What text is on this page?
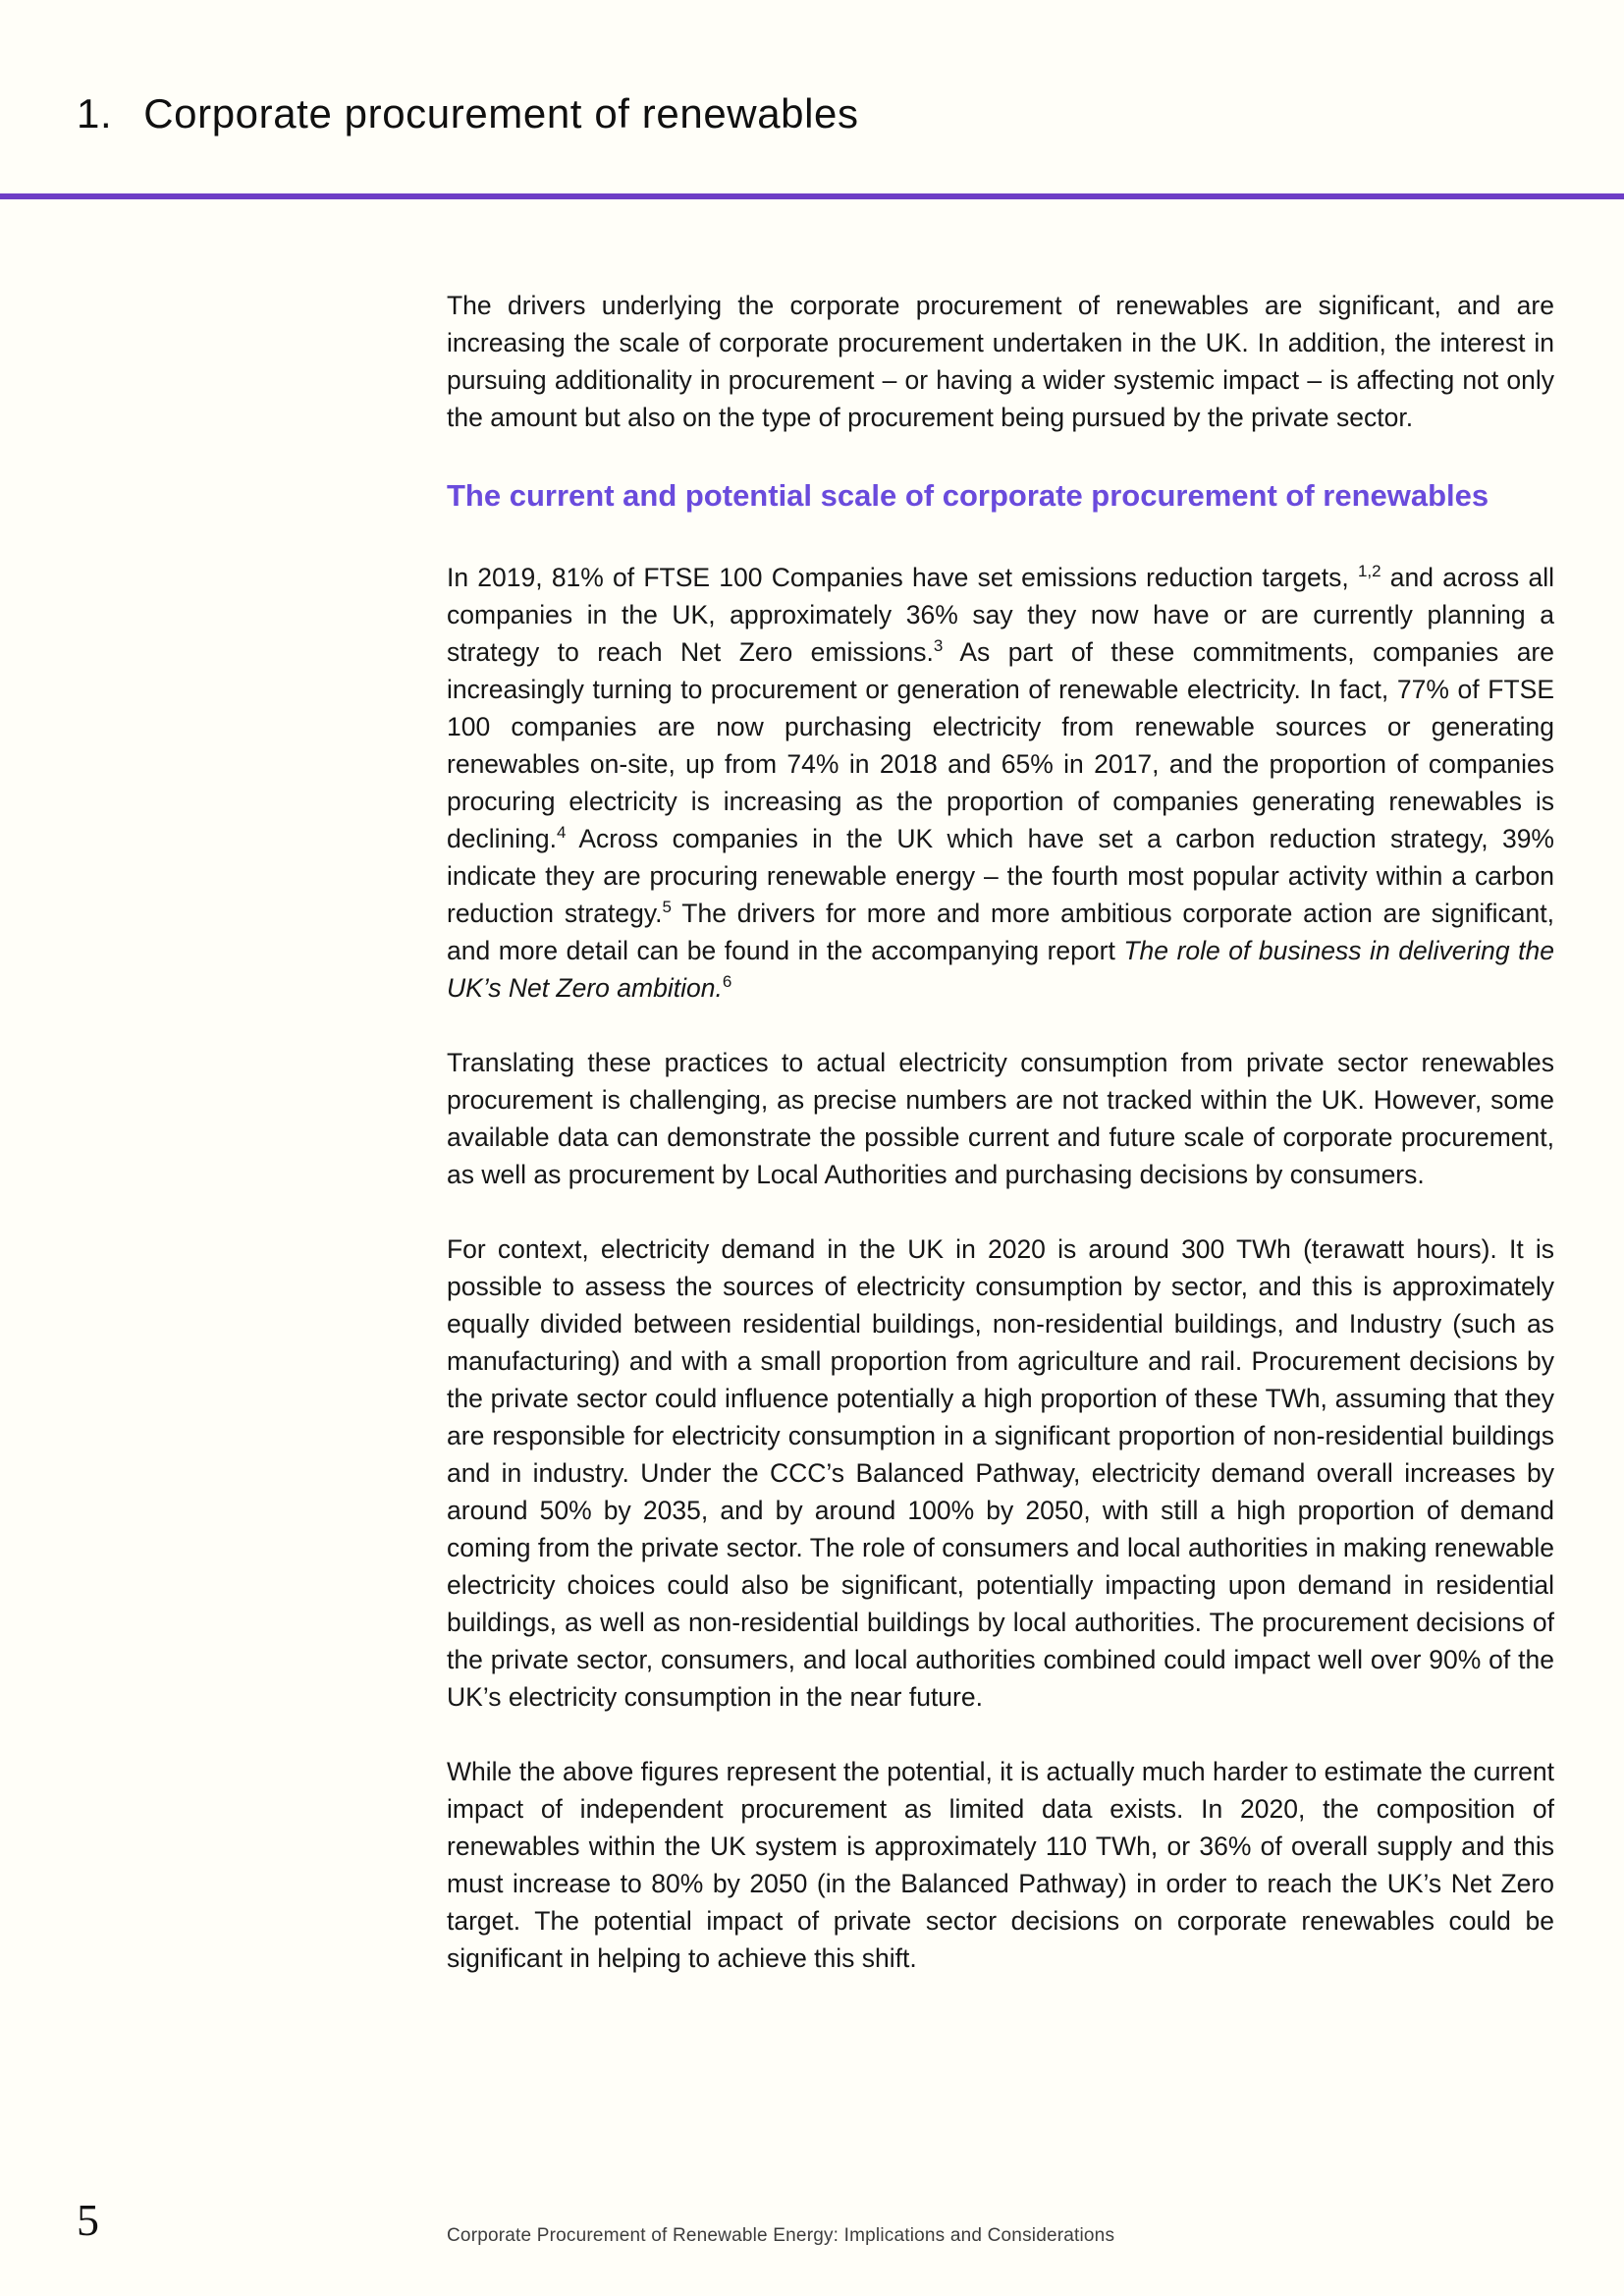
1. Corporate procurement of renewables

The drivers underlying the corporate procurement of renewables are significant, and are increasing the scale of corporate procurement undertaken in the UK. In addition, the interest in pursuing additionality in procurement – or having a wider systemic impact – is affecting not only the amount but also on the type of procurement being pursued by the private sector.

The current and potential scale of corporate procurement of renewables

In 2019, 81% of FTSE 100 Companies have set emissions reduction targets, $^{1,2}$ and across all companies in the UK, approximately 36% say they now have or are currently planning a strategy to reach Net Zero emissions.$^3$ As part of these commitments, companies are increasingly turning to procurement or generation of renewable electricity. In fact, 77% of FTSE 100 companies are now purchasing electricity from renewable sources or generating renewables on-site, up from 74% in 2018 and 65% in 2017, and the proportion of companies procuring electricity is increasing as the proportion of companies generating renewables is declining.$^4$ Across companies in the UK which have set a carbon reduction strategy, 39% indicate they are procuring renewable energy – the fourth most popular activity within a carbon reduction strategy.$^5$ The drivers for more and more ambitious corporate action are significant, and more detail can be found in the accompanying report The role of business in delivering the UK’s Net Zero ambition.$^6$

Translating these practices to actual electricity consumption from private sector renewables procurement is challenging, as precise numbers are not tracked within the UK. However, some available data can demonstrate the possible current and future scale of corporate procurement, as well as procurement by Local Authorities and purchasing decisions by consumers.

For context, electricity demand in the UK in 2020 is around 300 TWh (terawatt hours). It is possible to assess the sources of electricity consumption by sector, and this is approximately equally divided between residential buildings, non-residential buildings, and Industry (such as manufacturing) and with a small proportion from agriculture and rail. Procurement decisions by the private sector could influence potentially a high proportion of these TWh, assuming that they are responsible for electricity consumption in a significant proportion of non-residential buildings and in industry. Under the CCC’s Balanced Pathway, electricity demand overall increases by around 50% by 2035, and by around 100% by 2050, with still a high proportion of demand coming from the private sector. The role of consumers and local authorities in making renewable electricity choices could also be significant, potentially impacting upon demand in residential buildings, as well as non-residential buildings by local authorities. The procurement decisions of the private sector, consumers, and local authorities combined could impact well over 90% of the UK’s electricity consumption in the near future.

While the above figures represent the potential, it is actually much harder to estimate the current impact of independent procurement as limited data exists. In 2020, the composition of renewables within the UK system is approximately 110 TWh, or 36% of overall supply and this must increase to 80% by 2050 (in the Balanced Pathway) in order to reach the UK’s Net Zero target. The potential impact of private sector decisions on corporate renewables could be significant in helping to achieve this shift.

5	Corporate Procurement of Renewable Energy: Implications and Considerations
